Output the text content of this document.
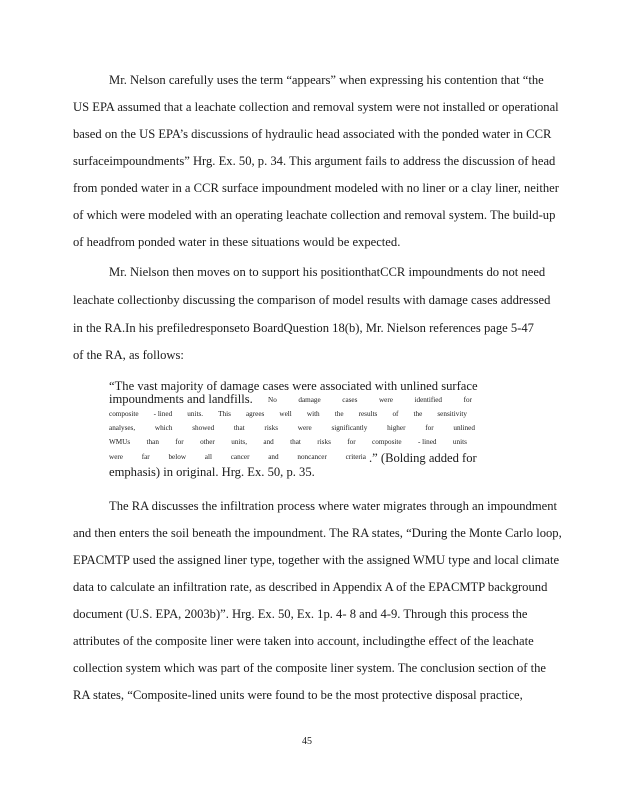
Mr. Nelson carefully uses the term “appears” when expressing his contention that “the
US EPA assumed that a leachate collection and removal system were not installed or operational
based on the US EPA’s discussions of hydraulic head associated with the ponded water in CCR
surfaceimpoundments” Hrg. Ex. 50, p. 34. This argument fails to address the discussion of head
from ponded water in a CCR surface impoundment modeled with no liner or a clay liner, neither
of which were modeled with an operating leachate collection and removal system. The build-up
of headfrom ponded water in these situations would be expected.
Mr. Nielson then moves on to support his positionthatCCR impoundments do not need
leachate collectionby discussing the comparison of model results with damage cases addressed
in the RA.In his prefiledresponseto BoardQuestion 18(b), Mr. Nielson references page 5-47
of the RA, as follows:
“The vast majority of damage cases were associated with unlined surface
impoundments and landfills. No	damage	cases	were	identified	for
composite - lined units. This agrees well with the results of the sensitivity
analyses,	which	showed	that	risks	were	significantly	higher	for	unlined
WMUs than for other units, and that risks for composite - lined units
were	far	below	all	cancer	and	noncancer	criteria .” (Bolding added for
emphasis) in original. Hrg. Ex. 50, p. 35.
The RA discusses the infiltration process where water migrates through an impoundment
and then enters the soil beneath the impoundment. The RA states, “During the Monte Carlo loop,
EPACMTP used the assigned liner type, together with the assigned WMU type and local climate
data to calculate an infiltration rate, as described in Appendix A of the EPACMTP background
document (U.S. EPA, 2003b)”. Hrg. Ex. 50, Ex. 1p. 4- 8 and 4-9. Through this process the
attributes of the composite liner were taken into account, includingthe effect of the leachate
collection system which was part of the composite liner system. The conclusion section of the
RA states, “Composite-lined units were found to be the most protective disposal practice,
45
